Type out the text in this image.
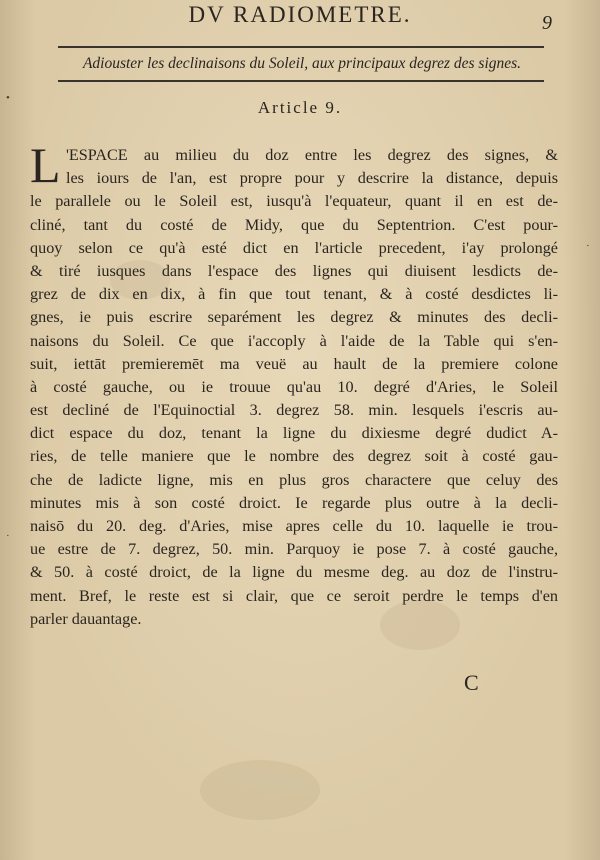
DV RADIOMETRE.	9
Adiouster les declinaisons du Soleil, aux principaux degrez des signes.
Article 9.
L 'ESPACE au milieu du doz entre les degrez des signes, &
les iours de l'an, est propre pour y descrire la distance, depuis
le parallele ou le Soleil est, iusqu'à l'equateur, quant il en est de-
cliné, tant du costé de Midy, que du Septentrion. C'est pour-
quoy selon ce qu'à esté dict en l'article precedent, i'ay prolongé
& tiré iusques dans l'espace des lignes qui diuisent lesdicts de-
grez de dix en dix, à fin que tout tenant, & à costé desdictes li-
gnes, ie puis escrire separément les degrez & minutes des decli-
naisons du Soleil. Ce que i'accoply à l'aide de la Table qui s'en-
suit, iettāt premieremēt ma veuë au hault de la premiere colone
à costé gauche, ou ie trouue qu'au 10. degré d'Aries, le Soleil
est decliné de l'Equinoctial 3. degrez 58. min. lesquels i'escris au-
dict espace du doz, tenant la ligne du dixiesme degré dudict A-
ries, de telle maniere que le nombre des degrez soit à costé gau-
che de ladicte ligne, mis en plus gros charactere que celuy des
minutes mis à son costé droict. Ie regarde plus outre à la decli-
naisō du 20. deg. d'Aries, mise apres celle du 10. laquelle ie trou-
ue estre de 7. degrez, 50. min. Parquoy ie pose 7. à costé gauche,
& 50. à costé droict, de la ligne du mesme deg. au doz de l'instru-
ment. Bref, le reste est si clair, que ce seroit perdre le temps d'en
parler dauantage.
C
•
·
·
